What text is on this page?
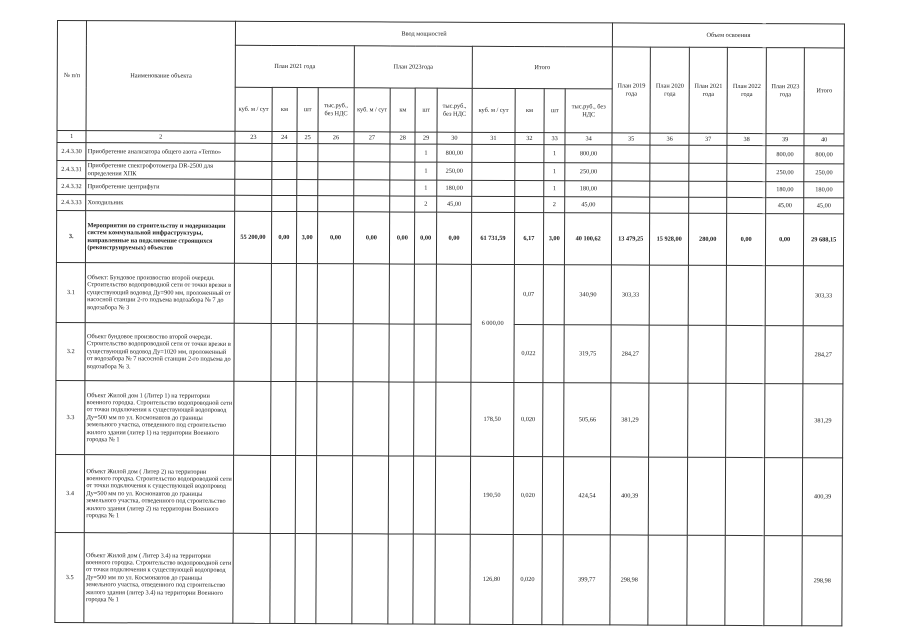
№ п/п	Наименование объекта	Ввод мощностей												Объем освоения					
		План 2021 года				План 2023года				Итого				План 2019 года	План 2020 года	План 2021 года	План 2022 года	План 2023 года	Итого
		куб. м / сут	км	шт	тыс.руб., без НДС	куб. м / сут	км	шт	тыс.руб., без НДС	куб. м / сут	км	шт	тыс.руб., без НДС						
1	2	23	24	25	26	27	28	29	30	31	32	33	34	35	36	37	38	39	40
2.4.3.30	Приобретение анализатора общего азота «Termo»							1	800,00			1	800,00					800,00	800,00
2.4.3.31	Приобретение спектрофотометра DR-2500 для определения ХПК							1	250,00			1	250,00					250,00	250,00
2.4.3.32	Приобретение центрифуги							1	180,00			1	180,00					180,00	180,00
2.4.3.33	Холодильник							2	45,00			2	45,00					45,00	45,00
3.	Мероприятия по строительству и модернизации систем коммунальной инфраструктуры, направленные на подключение строящихся (реконструируемых) объектов	55 200,00	0,00	3,00	0,00	0,00	0,00	0,00	0,00	61 731,59	6,17	3,00	40 100,62	13 479,25	15 928,00	280,00	0,00	0,00	29 688,15
3.1	Объект: Бундовое произвоство второй очереди. Строительство водопроводной сети от точки врезки в существующий водовод Ду=900 мм, проложенный от насосной станции 2-го подъема водозабора № 7 до водозабора № 3									6 000,00	0,07		340,90	303,33					303,33
3.2	Объект бундовое произвоство второй очереди. Строительство водопроводной сети от точки врезки в существующий водовод Ду=1020 мм, проложенный от водозабора № 7 насосной станции 2-го подъема до водозабора № 3.										0,022		319,75	284,27					284,27
3.3	Объект Жилой дом 1 (Литер 1) на территории военного городка. Строительство водопроводной сети от точки подключения к существующей водопровод Ду=500 мм по ул. Космонавтов до границы земельного участка, отведенного под строительство жилого здания (литер 1) на территории Военного городка № 1									178,50	0,020		505,66	381,29					381,29
3.4	Объект Жилой дом ( Литер 2) на территории военного городка. Строительство водопроводной сети от точки подключения к существующей водопровод Ду=500 мм по ул. Космонавтов до границы земельного участка, отведенного под строительство жилого здания (литер 2) на территории Военного городка № 1									190,50	0,020		424,54	400,39					400,39
3.5	Объект Жилой дом ( Литер 3.4) на территории военного городка. Строительство водопроводной сети от точки подключения к существующей водопровод Ду=500 мм по ул. Космонавтов до границы земельного участка, отведенного под строительство жилого здания (литер 3.4) на территории Военного городка № 1									126,80	0,020		399,77	298,98					298,98
